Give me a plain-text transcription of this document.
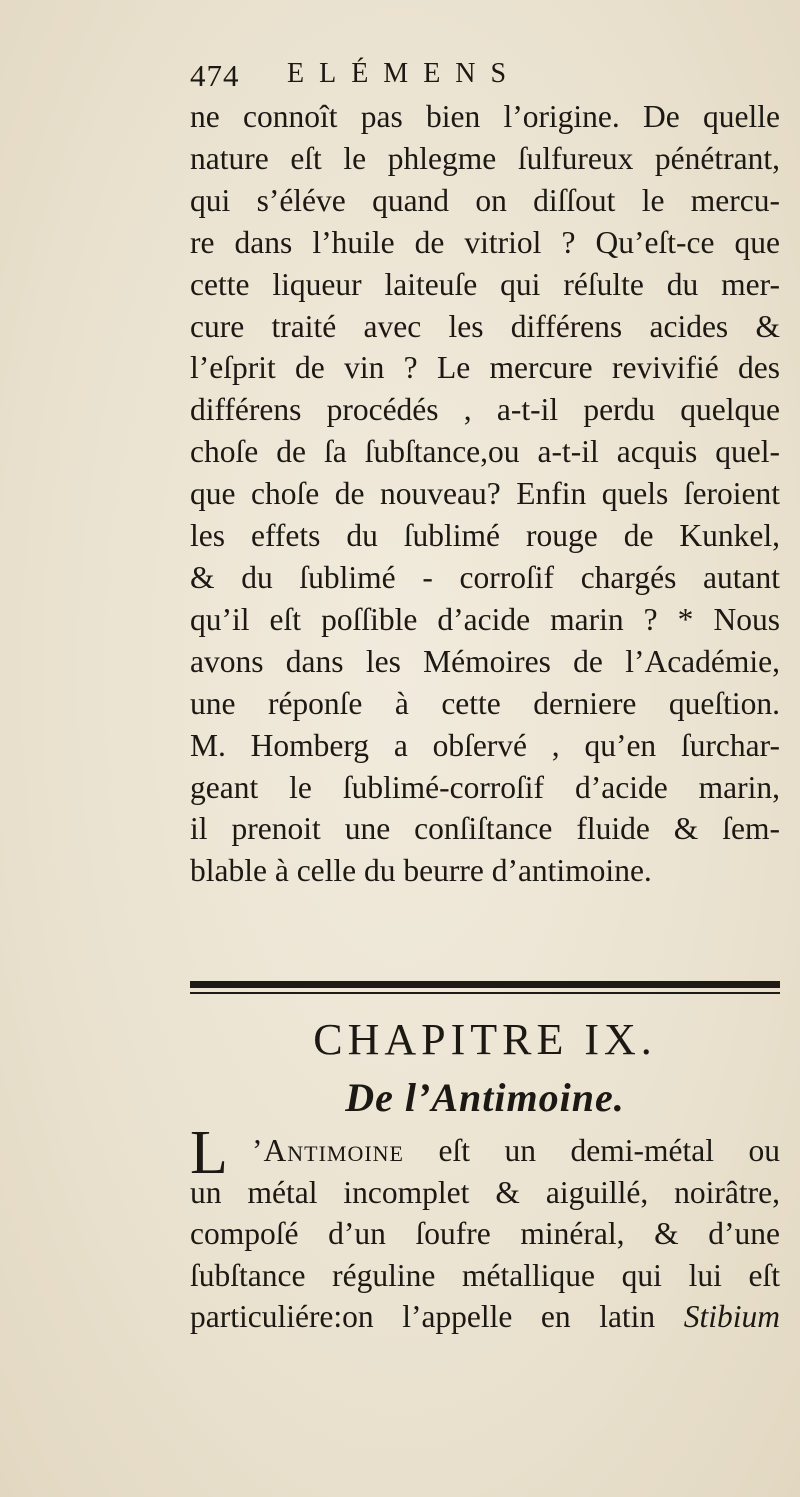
474 ELÉMENS
ne connoît pas bien l’origine. De quelle
nature eſt le phlegme ſulfureux pénétrant,
qui s’éléve quand on diſſout le mercu-
re dans l’huile de vitriol ? Qu’eſt-ce que
cette liqueur laiteuſe qui réſulte du mer-
cure traité avec les différens acides &
l’eſprit de vin ? Le mercure revivifié des
différens procédés , a-t-il perdu quelque
choſe de ſa ſubſtance,ou a-t-il acquis quel-
que choſe de nouveau? Enfin quels ſeroient
les effets du ſublimé rouge de Kunkel,
& du ſublimé - corroſif chargés autant
qu’il eſt poſſible d’acide marin ? * Nous
avons dans les Mémoires de l’Académie,
une réponſe à cette derniere queſtion.
M. Homberg a obſervé , qu’en ſurchar-
geant le ſublimé-corroſif d’acide marin,
il prenoit une conſiſtance fluide & ſem-
blable à celle du beurre d’antimoine.
CHAPITRE IX.
De l’Antimoine.
L ’Antimoine eſt un demi-métal ou
un métal incomplet & aiguillé, noirâtre,
compoſé d’un ſoufre minéral, & d’une
ſubſtance réguline métallique qui lui eſt
particuliére:on l’appelle en latin Stibium
